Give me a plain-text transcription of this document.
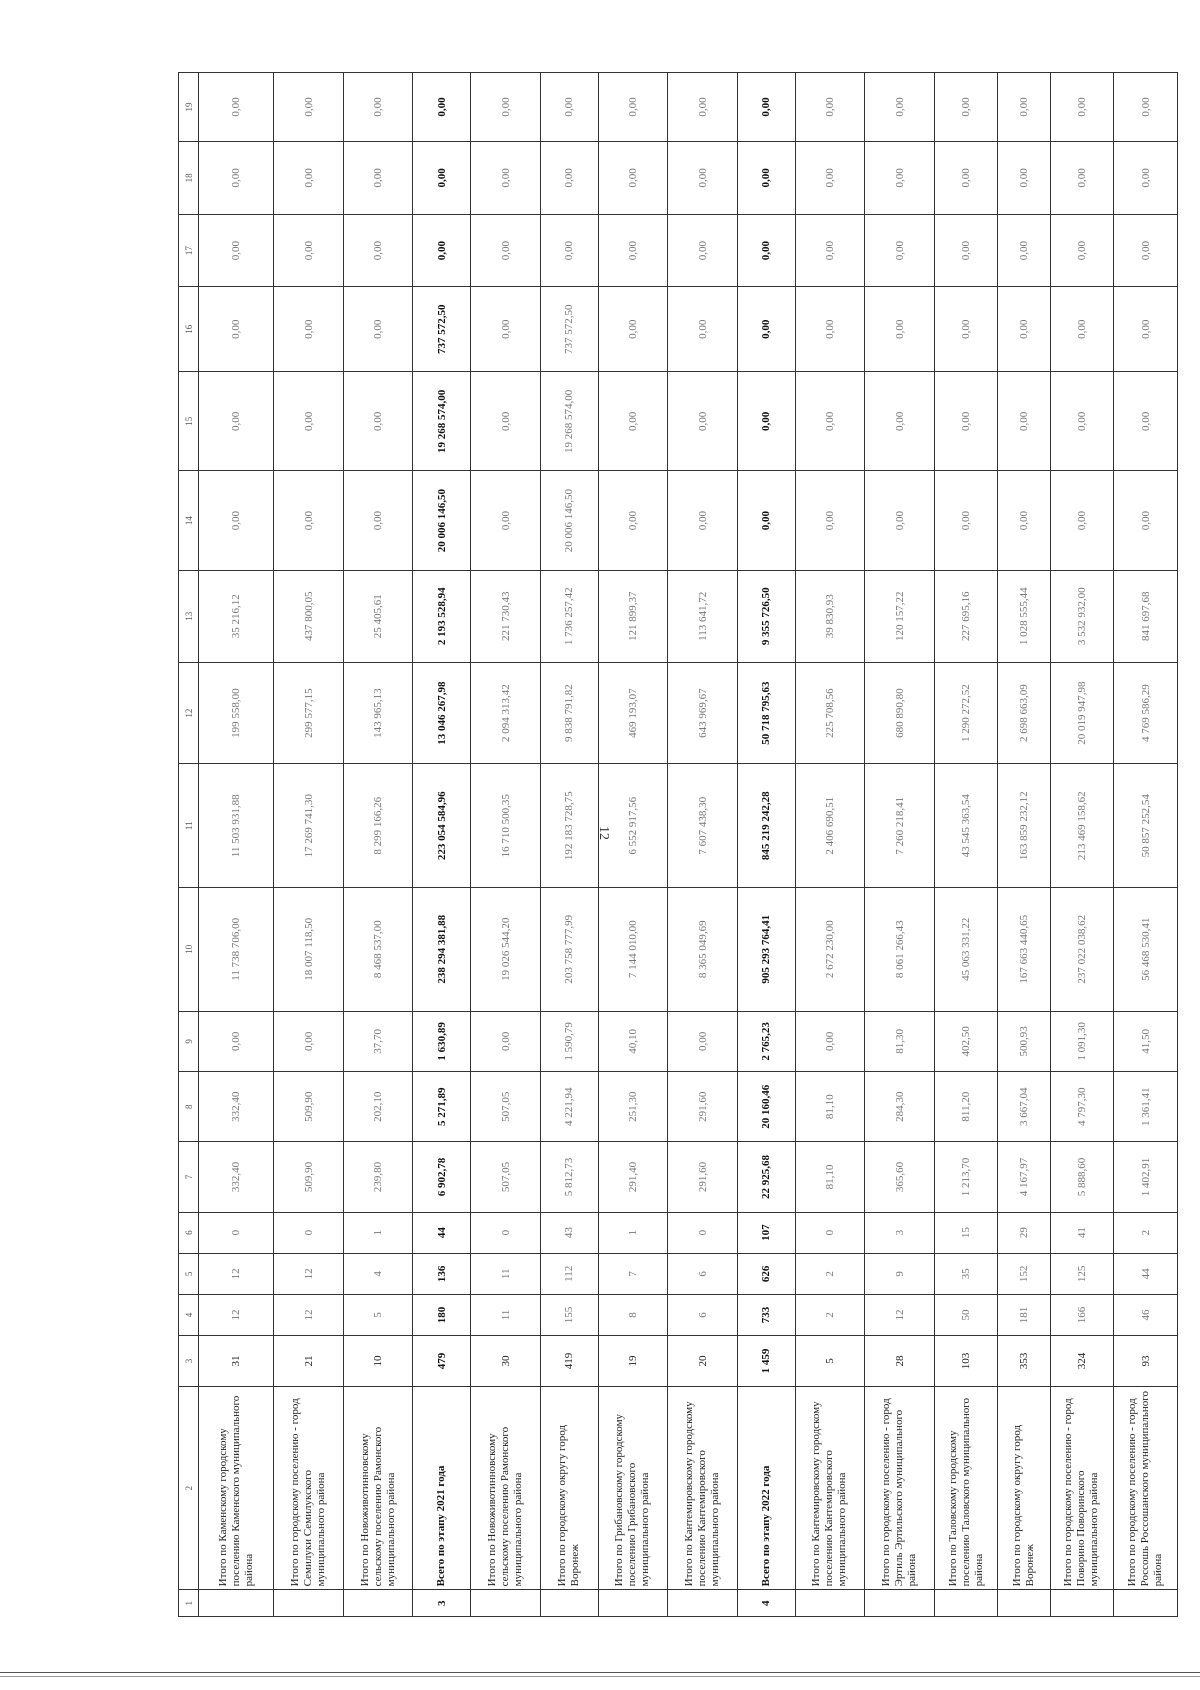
12
1	2	3	4	5	6	7	8	9	10	11	12	13	14	15	16	17	18	19
	Итого по Каменскому городскому поселению Каменского муниципального района	31	12	12	0	332,40	332,40	0,00	11 738 706,00	11 503 931,88	199 558,00	35 216,12	0,00	0,00	0,00	0,00	0,00	0,00
	Итого по городскому поселению - город Семилуки Семилукского муниципального района	21	12	12	0	509,90	509,90	0,00	18 007 118,50	17 269 741,30	299 577,15	437 800,05	0,00	0,00	0,00	0,00	0,00	0,00
	Итого по Новоживотинновскому сельскому поселению Рамонского муниципального района	10	5	4	1	239,80	202,10	37,70	8 468 537,00	8 299 166,26	143 965,13	25 405,61	0,00	0,00	0,00	0,00	0,00	0,00
3	Всего по этапу 2021 года	479	180	136	44	6 902,78	5 271,89	1 630,89	238 294 381,88	223 054 584,96	13 046 267,98	2 193 528,94	20 006 146,50	19 268 574,00	737 572,50	0,00	0,00	0,00
	Итого по Новоживотинновскому сельскому поселению Рамонского муниципального района	30	11	11	0	507,05	507,05	0,00	19 026 544,20	16 710 500,35	2 094 313,42	221 730,43	0,00	0,00	0,00	0,00	0,00	0,00
	Итого по городскому округу город Воронеж	419	155	112	43	5 812,73	4 221,94	1 590,79	203 758 777,99	192 183 728,75	9 838 791,82	1 736 257,42	20 006 146,50	19 268 574,00	737 572,50	0,00	0,00	0,00
	Итого по Грибановскому городскому поселению Грибановского муниципального района	19	8	7	1	291,40	251,30	40,10	7 144 010,00	6 552 917,56	469 193,07	121 899,37	0,00	0,00	0,00	0,00	0,00	0,00
	Итого по Кантемировскому городскому поселению Кантемировского муниципального района	20	6	6	0	291,60	291,60	0,00	8 365 049,69	7 607 438,30	643 969,67	113 641,72	0,00	0,00	0,00	0,00	0,00	0,00
4	Всего по этапу 2022 года	1 459	733	626	107	22 925,68	20 160,46	2 765,23	905 293 764,41	845 219 242,28	50 718 795,63	9 355 726,50	0,00	0,00	0,00	0,00	0,00	0,00
	Итого по Кантемировскому городскому поселению Кантемировского муниципального района	5	2	2	0	81,10	81,10	0,00	2 672 230,00	2 406 690,51	225 708,56	39 830,93	0,00	0,00	0,00	0,00	0,00	0,00
	Итого по городскому поселению - город Эртиль Эртильского муниципального района	28	12	9	3	365,60	284,30	81,30	8 061 266,43	7 260 218,41	680 890,80	120 157,22	0,00	0,00	0,00	0,00	0,00	0,00
	Итого по Таловскому городскому поселению Таловского муниципального района	103	50	35	15	1 213,70	811,20	402,50	45 063 331,22	43 545 363,54	1 290 272,52	227 695,16	0,00	0,00	0,00	0,00	0,00	0,00
	Итого по городскому округу город Воронеж	353	181	152	29	4 167,97	3 667,04	500,93	167 663 440,65	163 859 232,12	2 698 663,09	1 028 555,44	0,00	0,00	0,00	0,00	0,00	0,00
	Итого по городскому поселению - город Поворино Поворинского муниципального района	324	166	125	41	5 888,60	4 797,30	1 091,30	237 022 038,62	213 469 158,62	20 019 947,98	3 532 932,00	0,00	0,00	0,00	0,00	0,00	0,00
	Итого по городскому поселению - город Россошь Россошанского муниципального района	93	46	44	2	1 402,91	1 361,41	41,50	56 468 530,41	50 857 252,54	4 769 586,29	841 697,68	0,00	0,00	0,00	0,00	0,00	0,00
